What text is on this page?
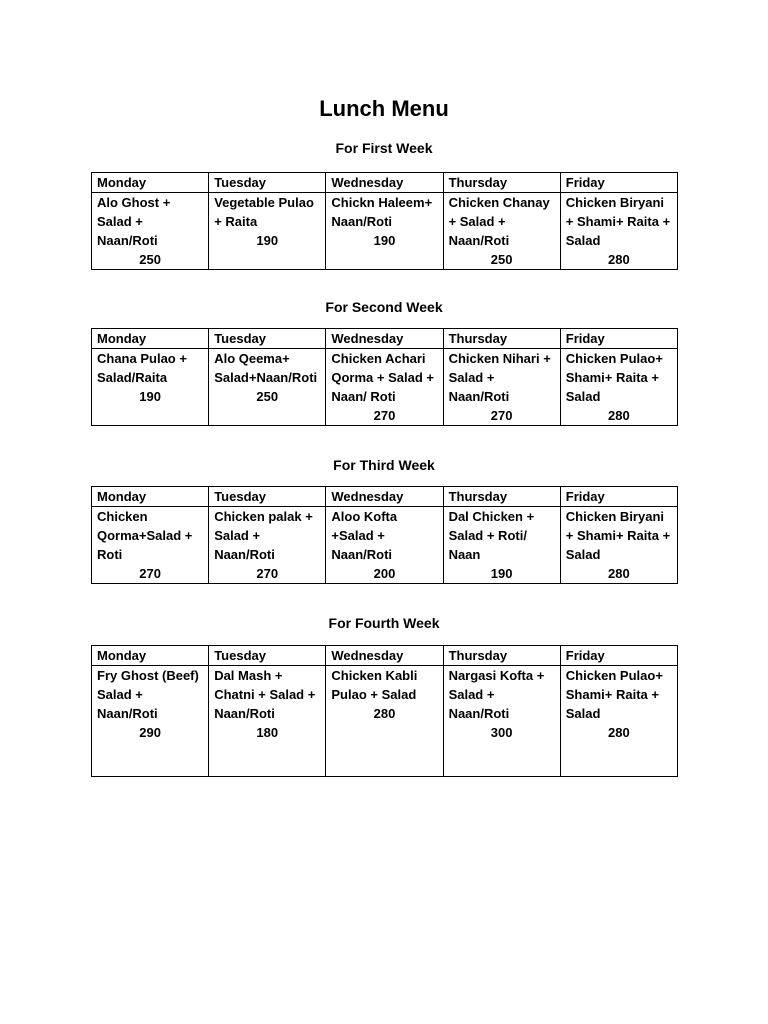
Lunch Menu
For First Week
Monday	Tuesday	Wednesday	Thursday	Friday

Alo Ghost +
Salad +
Naan/Roti
250	Vegetable Pulao
+ Raita
190	Chickn Haleem+
Naan/Roti
190	Chicken Chanay
+ Salad +
Naan/Roti
250	Chicken Biryani
+ Shami+ Raita +
Salad
280
For Second Week
Monday	Tuesday	Wednesday	Thursday	Friday

Chana Pulao +
Salad/Raita
190	Alo Qeema+
Salad+Naan/Roti
250	Chicken Achari
Qorma + Salad +
Naan/ Roti
270	Chicken Nihari +
Salad +
Naan/Roti
270	Chicken Pulao+
Shami+ Raita +
Salad
280
For Third Week
Monday	Tuesday	Wednesday	Thursday	Friday

Chicken
Qorma+Salad +
Roti
270	Chicken palak +
Salad +
Naan/Roti
270	Aloo Kofta
+Salad +
Naan/Roti
200	Dal Chicken +
Salad + Roti/
Naan
190	Chicken Biryani
+ Shami+ Raita +
Salad
280
For Fourth Week
Monday	Tuesday	Wednesday	Thursday	Friday

Fry Ghost (Beef)
Salad +
Naan/Roti
290	Dal Mash +
Chatni + Salad +
Naan/Roti
180	Chicken Kabli
Pulao + Salad
280	Nargasi Kofta +
Salad +
Naan/Roti
300	Chicken Pulao+
Shami+ Raita +
Salad
280
